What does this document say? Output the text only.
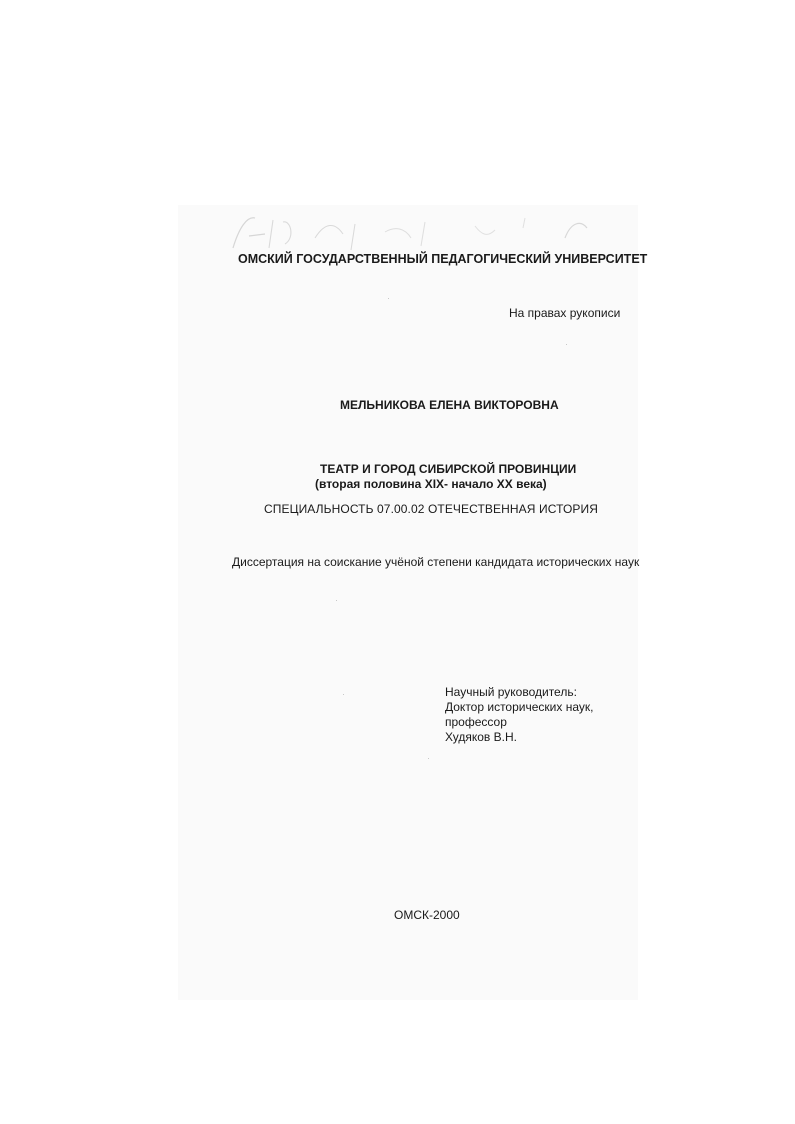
ОМСКИЙ ГОСУДАРСТВЕННЫЙ ПЕДАГОГИЧЕСКИЙ УНИВЕРСИТЕТ
На правах рукописи
МЕЛЬНИКОВА ЕЛЕНА ВИКТОРОВНА
ТЕАТР И ГОРОД СИБИРСКОЙ ПРОВИНЦИИ
(вторая половина XIX- начало XX века)
СПЕЦИАЛЬНОСТЬ 07.00.02 ОТЕЧЕСТВЕННАЯ ИСТОРИЯ
Диссертация на соискание учёной степени кандидата исторических наук
Научный руководитель:
Доктор исторических наук,
профессор
Худяков В.Н.
ОМСК-2000
